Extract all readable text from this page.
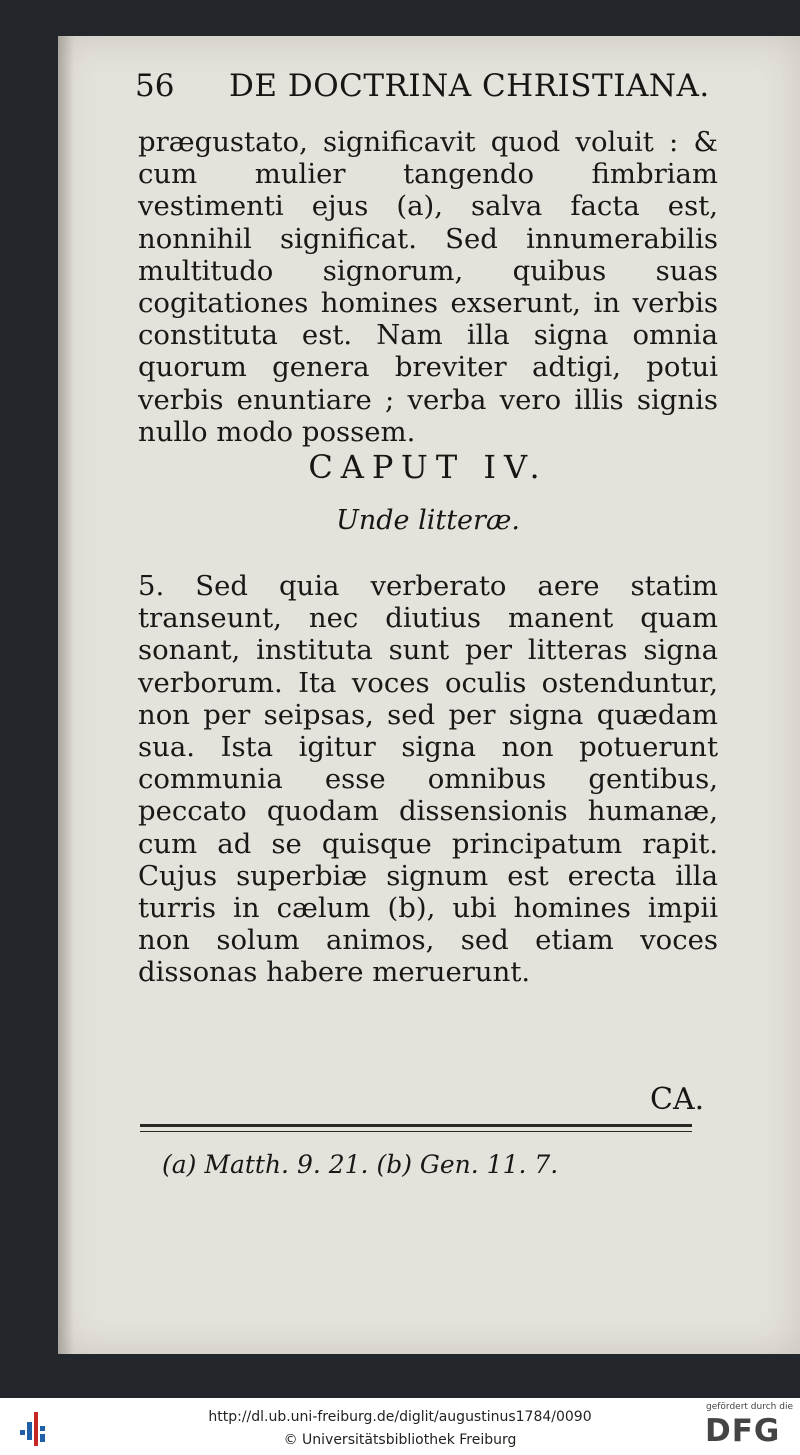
56 DE DOCTRINA CHRISTIANA.

prægustato, significavit quod voluit : & cum mulier tangendo fimbriam vestimenti ejus (a), salva facta est, nonnihil significat. Sed innumerabilis multitudo signorum, quibus suas cogitationes homines exserunt, in verbis constituta est. Nam illa signa omnia quorum genera breviter adtigi, potui verbis enuntiare ; verba vero illis signis nullo modo possem.

CAPUT IV.
Unde litteræ.

5. Sed quia verberato aere statim transeunt, nec diutius manent quam sonant, instituta sunt per litteras signa verborum. Ita voces oculis ostenduntur, non per seipsas, sed per signa quædam sua. Ista igitur signa non potuerunt communia esse omnibus gentibus, peccato quodam dissensionis humanæ, cum ad se quisque principatum rapit. Cujus superbiæ signum est erecta illa turris in cælum (b), ubi homines impii non solum animos, sed etiam voces dissonas habere meruerunt.

CA.
(a) Matth. 9. 21. (b) Gen. 11. 7.
http://dl.ub.uni-freiburg.de/diglit/augustinus1784/0090
© Universitätsbibliothek Freiburg
gefördert durch die
DFG
